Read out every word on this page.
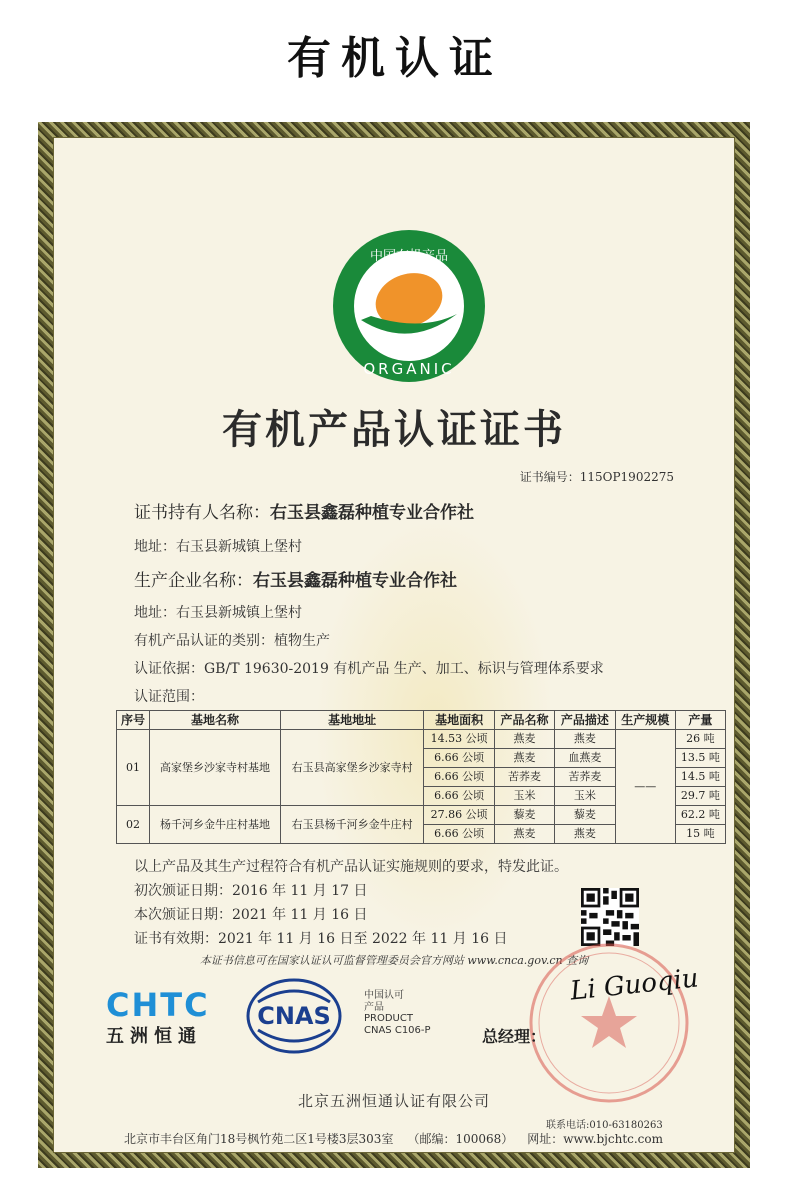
有机认证
中国有机产品
ORGANIC
有机产品认证证书
证书编号：115OP1902275
证书持有人名称：右玉县鑫磊种植专业合作社
地址：右玉县新城镇上堡村
生产企业名称：右玉县鑫磊种植专业合作社
地址：右玉县新城镇上堡村
有机产品认证的类别：植物生产
认证依据：GB/T 19630-2019 有机产品 生产、加工、标识与管理体系要求
认证范围：
序号	基地名称	基地地址	基地面积	产品名称	产品描述	生产规模	产量
01	高家堡乡沙家寺村基地	右玉县高家堡乡沙家寺村	14.53 公顷	燕麦	燕麦	——	26 吨
			6.66 公顷	燕麦	血燕麦		13.5 吨
			6.66 公顷	苦荞麦	苦荞麦		14.5 吨
			6.66 公顷	玉米	玉米		29.7 吨
02	杨千河乡金牛庄村基地	右玉县杨千河乡金牛庄村	27.86 公顷	藜麦	藜麦		62.2 吨
			6.66 公顷	燕麦	燕麦		15 吨
以上产品及其生产过程符合有机产品认证实施规则的要求，特发此证。
初次颁证日期：2016 年 11 月 17 日
本次颁证日期：2021 年 11 月 16 日
证书有效期：2021 年 11 月 16 日至 2022 年 11 月 16 日
本证书信息可在国家认证认可监督管理委员会官方网站 www.cnca.gov.cn 查询
CHTC
五洲恒通
CNAS
中国认可
产品
PRODUCT
CNAS C106-P	总经理：
Li Guoqiu
北京五洲恒通认证有限公司
联系电话:010-63180263
北京市丰台区角门18号枫竹苑二区1号楼3层303室 （邮编：100068） 网址：www.bjchtc.com
